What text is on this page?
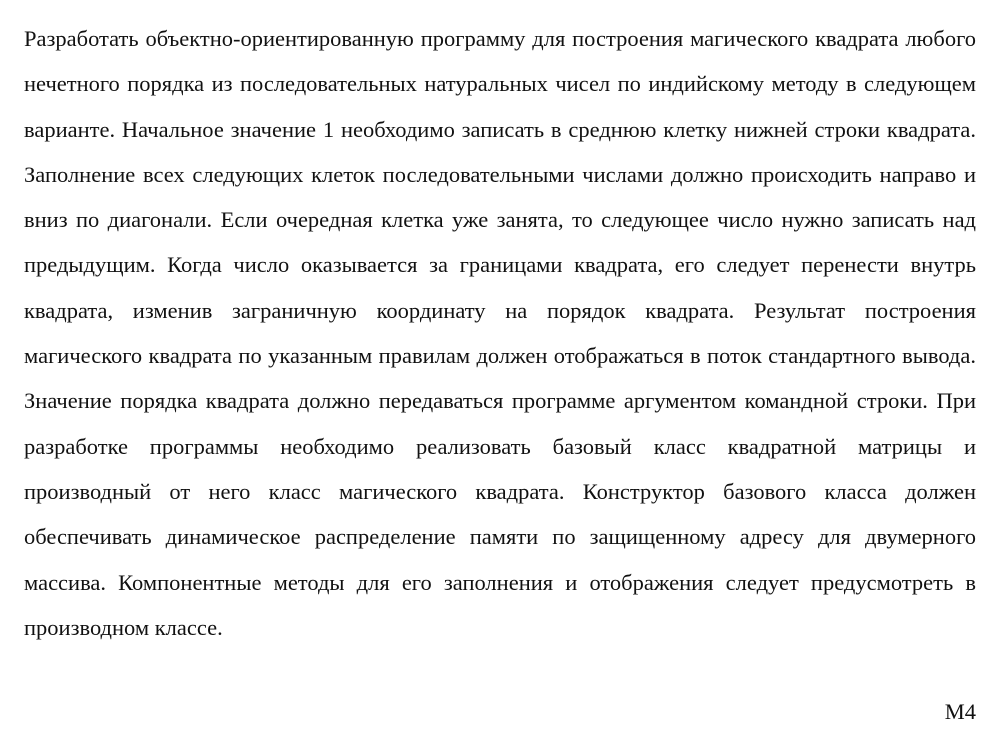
Разработать объектно-ориентированную программу для построения магического квадрата любого нечетного порядка из последовательных натуральных чисел по индийскому методу в следующем варианте. Начальное значение 1 необходимо записать в среднюю клетку нижней строки квадрата. Заполнение всех следующих клеток последовательными числами должно происходить направо и вниз по диагонали. Если очередная клетка уже занята, то следующее число нужно записать над предыдущим. Когда число оказывается за границами квадрата, его следует перенести внутрь квадрата, изменив заграничную координату на порядок квадрата. Результат построения магического квадрата по указанным правилам должен отображаться в поток стандартного вывода. Значение порядка квадрата должно передаваться программе аргументом командной строки. При разработке программы необходимо реализовать базовый класс квадратной матрицы и производный от него класс магического квадрата. Конструктор базового класса должен обеспечивать динамическое распределение памяти по защищенному адресу для двумерного массива. Компонентные методы для его заполнения и отображения следует предусмотреть в производном классе.

М4
